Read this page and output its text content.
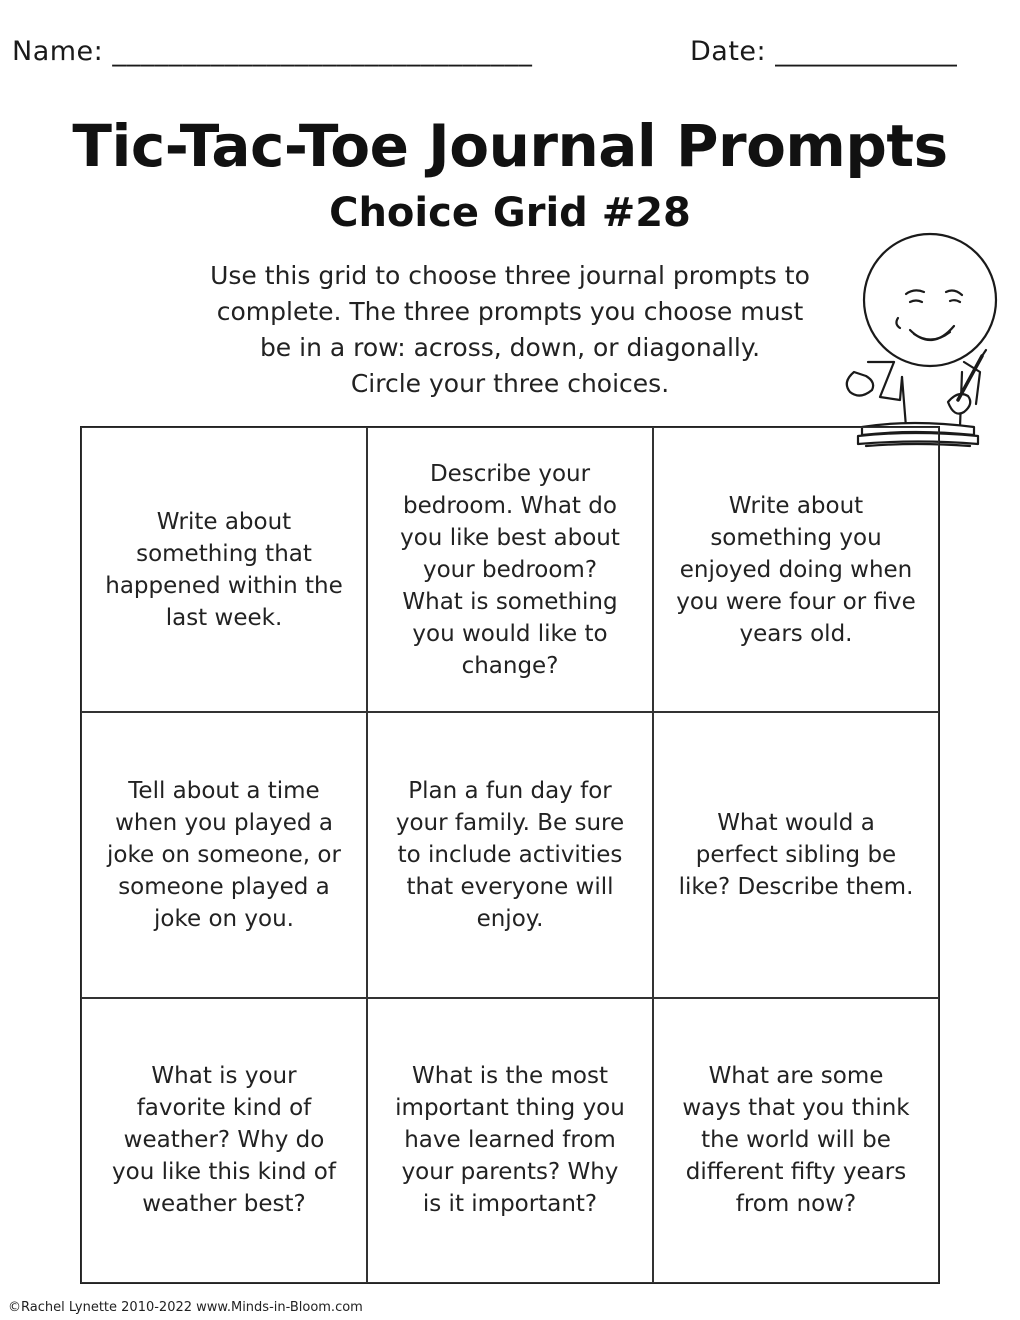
Name: ______________________________	Date: _____________
Tic-Tac-Toe Journal Prompts
Choice Grid #28
Use this grid to choose three journal prompts to
complete. The three prompts you choose must
be in a row: across, down, or diagonally.
Circle your three choices.
Write about something that happened within the last week.
Describe your bedroom. What do you like best about your bedroom? What is something you would like to change?
Write about something you enjoyed doing when you were four or five years old.
Tell about a time when you played a joke on someone, or someone played a joke on you.
Plan a fun day for your family. Be sure to include activities that everyone will enjoy.
What would a perfect sibling be like? Describe them.
What is your favorite kind of weather? Why do you like this kind of weather best?
What is the most important thing you have learned from your parents? Why is it important?
What are some ways that you think the world will be different fifty years from now?
©Rachel Lynette 2010-2022 www.Minds-in-Bloom.com
